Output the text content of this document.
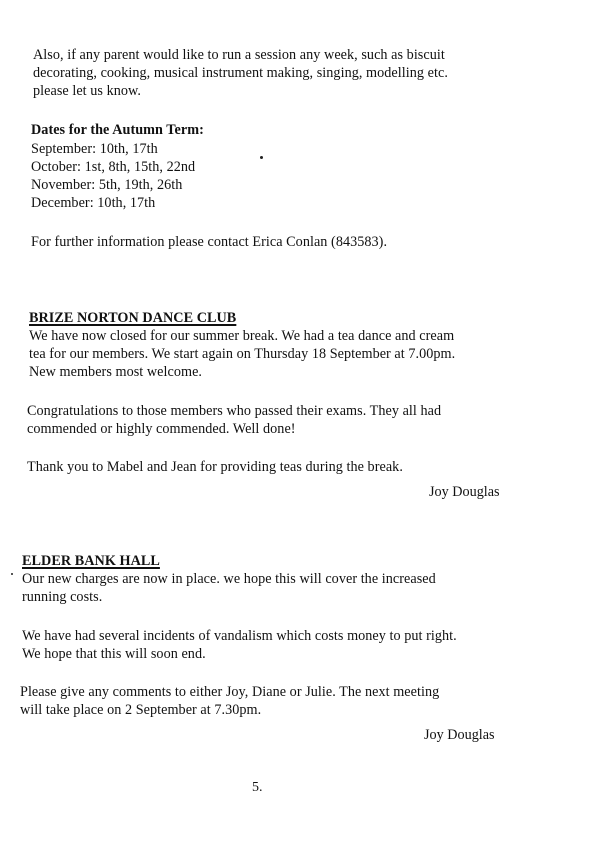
Also, if any parent would like to run a session any week, such as biscuit
decorating, cooking, musical instrument making, singing, modelling etc.
please let us know.
Dates for the Autumn Term:
September: 10th, 17th
October: 1st, 8th, 15th, 22nd
November: 5th, 19th, 26th
December: 10th, 17th
For further information please contact Erica Conlan (843583).
BRIZE NORTON DANCE CLUB
We have now closed for our summer break. We had a tea dance and cream
tea for our members. We start again on Thursday 18 September at 7.00pm.
New members most welcome.
Congratulations to those members who passed their exams. They all had
commended or highly commended. Well done!
Thank you to Mabel and Jean for providing teas during the break.
Joy Douglas
ELDER BANK HALL
Our new charges are now in place. we hope this will cover the increased
running costs.
We have had several incidents of vandalism which costs money to put right.
We hope that this will soon end.
Please give any comments to either Joy, Diane or Julie. The next meeting
will take place on 2 September at 7.30pm.
Joy Douglas
5.
